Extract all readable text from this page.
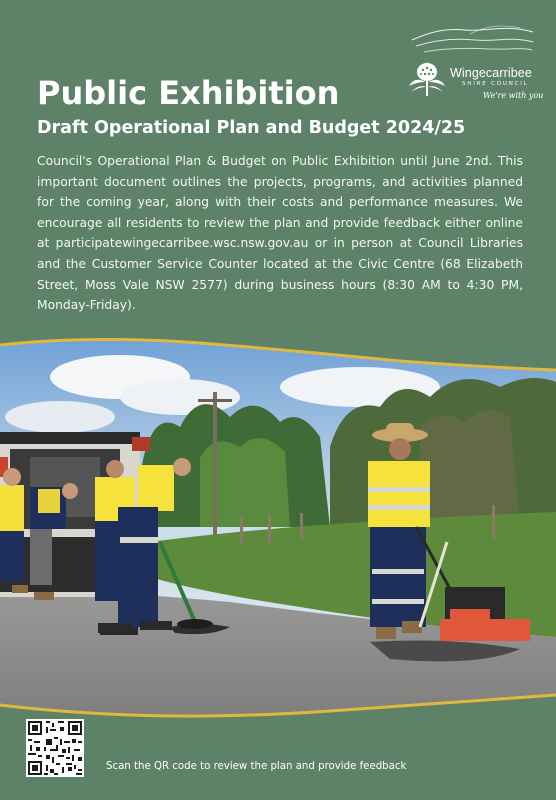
Wingecarribee
SHIRE COUNCIL
We're with you
Public Exhibition
Draft Operational Plan and Budget 2024/25

Council's Operational Plan & Budget on Public Exhibition until June 2nd. This important document outlines the projects, programs, and activities planned for the coming year, along with their costs and performance measures. We encourage all residents to review the plan and provide feedback either online at participatewingecarribee.wsc.nsw.gov.au or in person at Council Libraries and the Customer Service Counter located at the Civic Centre (68 Elizabeth Street, Moss Vale NSW 2577) during business hours (8:30 AM to 4:30 PM, Monday-Friday).

Scan the QR code to review the plan and provide feedback
